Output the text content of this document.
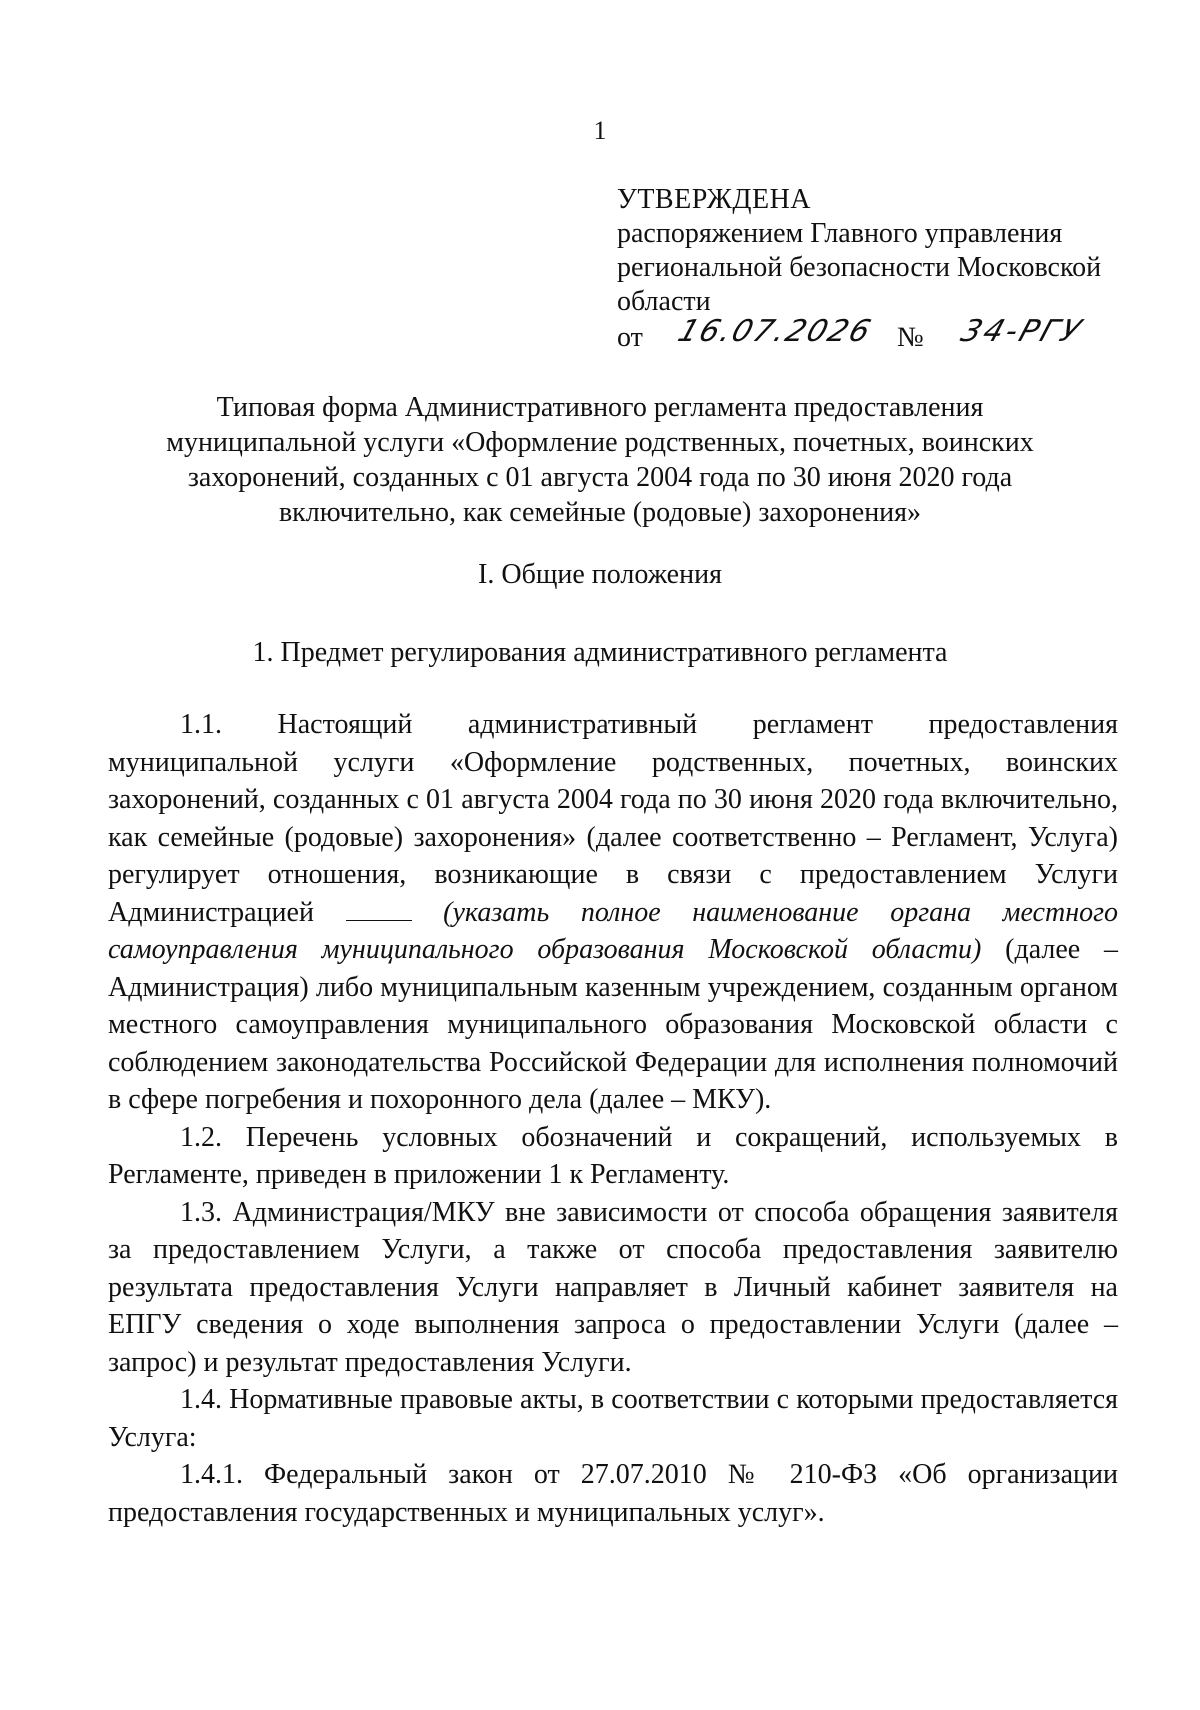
1
УТВЕРЖДЕНА
распоряжением Главного управления
региональной безопасности Московской
области
от 16.07.2026 № 34-РГУ
Типовая форма Административного регламента предоставления
муниципальной услуги «Оформление родственных, почетных, воинских
захоронений, созданных с 01 августа 2004 года по 30 июня 2020 года
включительно, как семейные (родовые) захоронения»
I. Общие положения
1. Предмет регулирования административного регламента

1.1. Настоящий административный регламент предоставления муниципальной услуги «Оформление родственных, почетных, воинских захоронений, созданных с 01 августа 2004 года по 30 июня 2020 года включительно, как семейные (родовые) захоронения» (далее соответственно – Регламент, Услуга) регулирует отношения, возникающие в связи с предоставлением Услуги Администрацией	(указать полное наименование органа местного самоуправления муниципального образования Московской области) (далее – Администрация) либо муниципальным казенным учреждением, созданным органом местного самоуправления муниципального образования Московской области с соблюдением законодательства Российской Федерации для исполнения полномочий в сфере погребения и похоронного дела (далее – МКУ).

1.2. Перечень условных обозначений и сокращений, используемых в Регламенте, приведен в приложении 1 к Регламенту.

1.3. Администрация/МКУ вне зависимости от способа обращения заявителя за предоставлением Услуги, а также от способа предоставления заявителю результата предоставления Услуги направляет в Личный кабинет заявителя на ЕПГУ сведения о ходе выполнения запроса о предоставлении Услуги (далее – запрос) и результат предоставления Услуги.

1.4. Нормативные правовые акты, в соответствии с которыми предоставляется Услуга:

1.4.1. Федеральный закон от 27.07.2010 № 210-ФЗ «Об организации предоставления государственных и муниципальных услуг».
